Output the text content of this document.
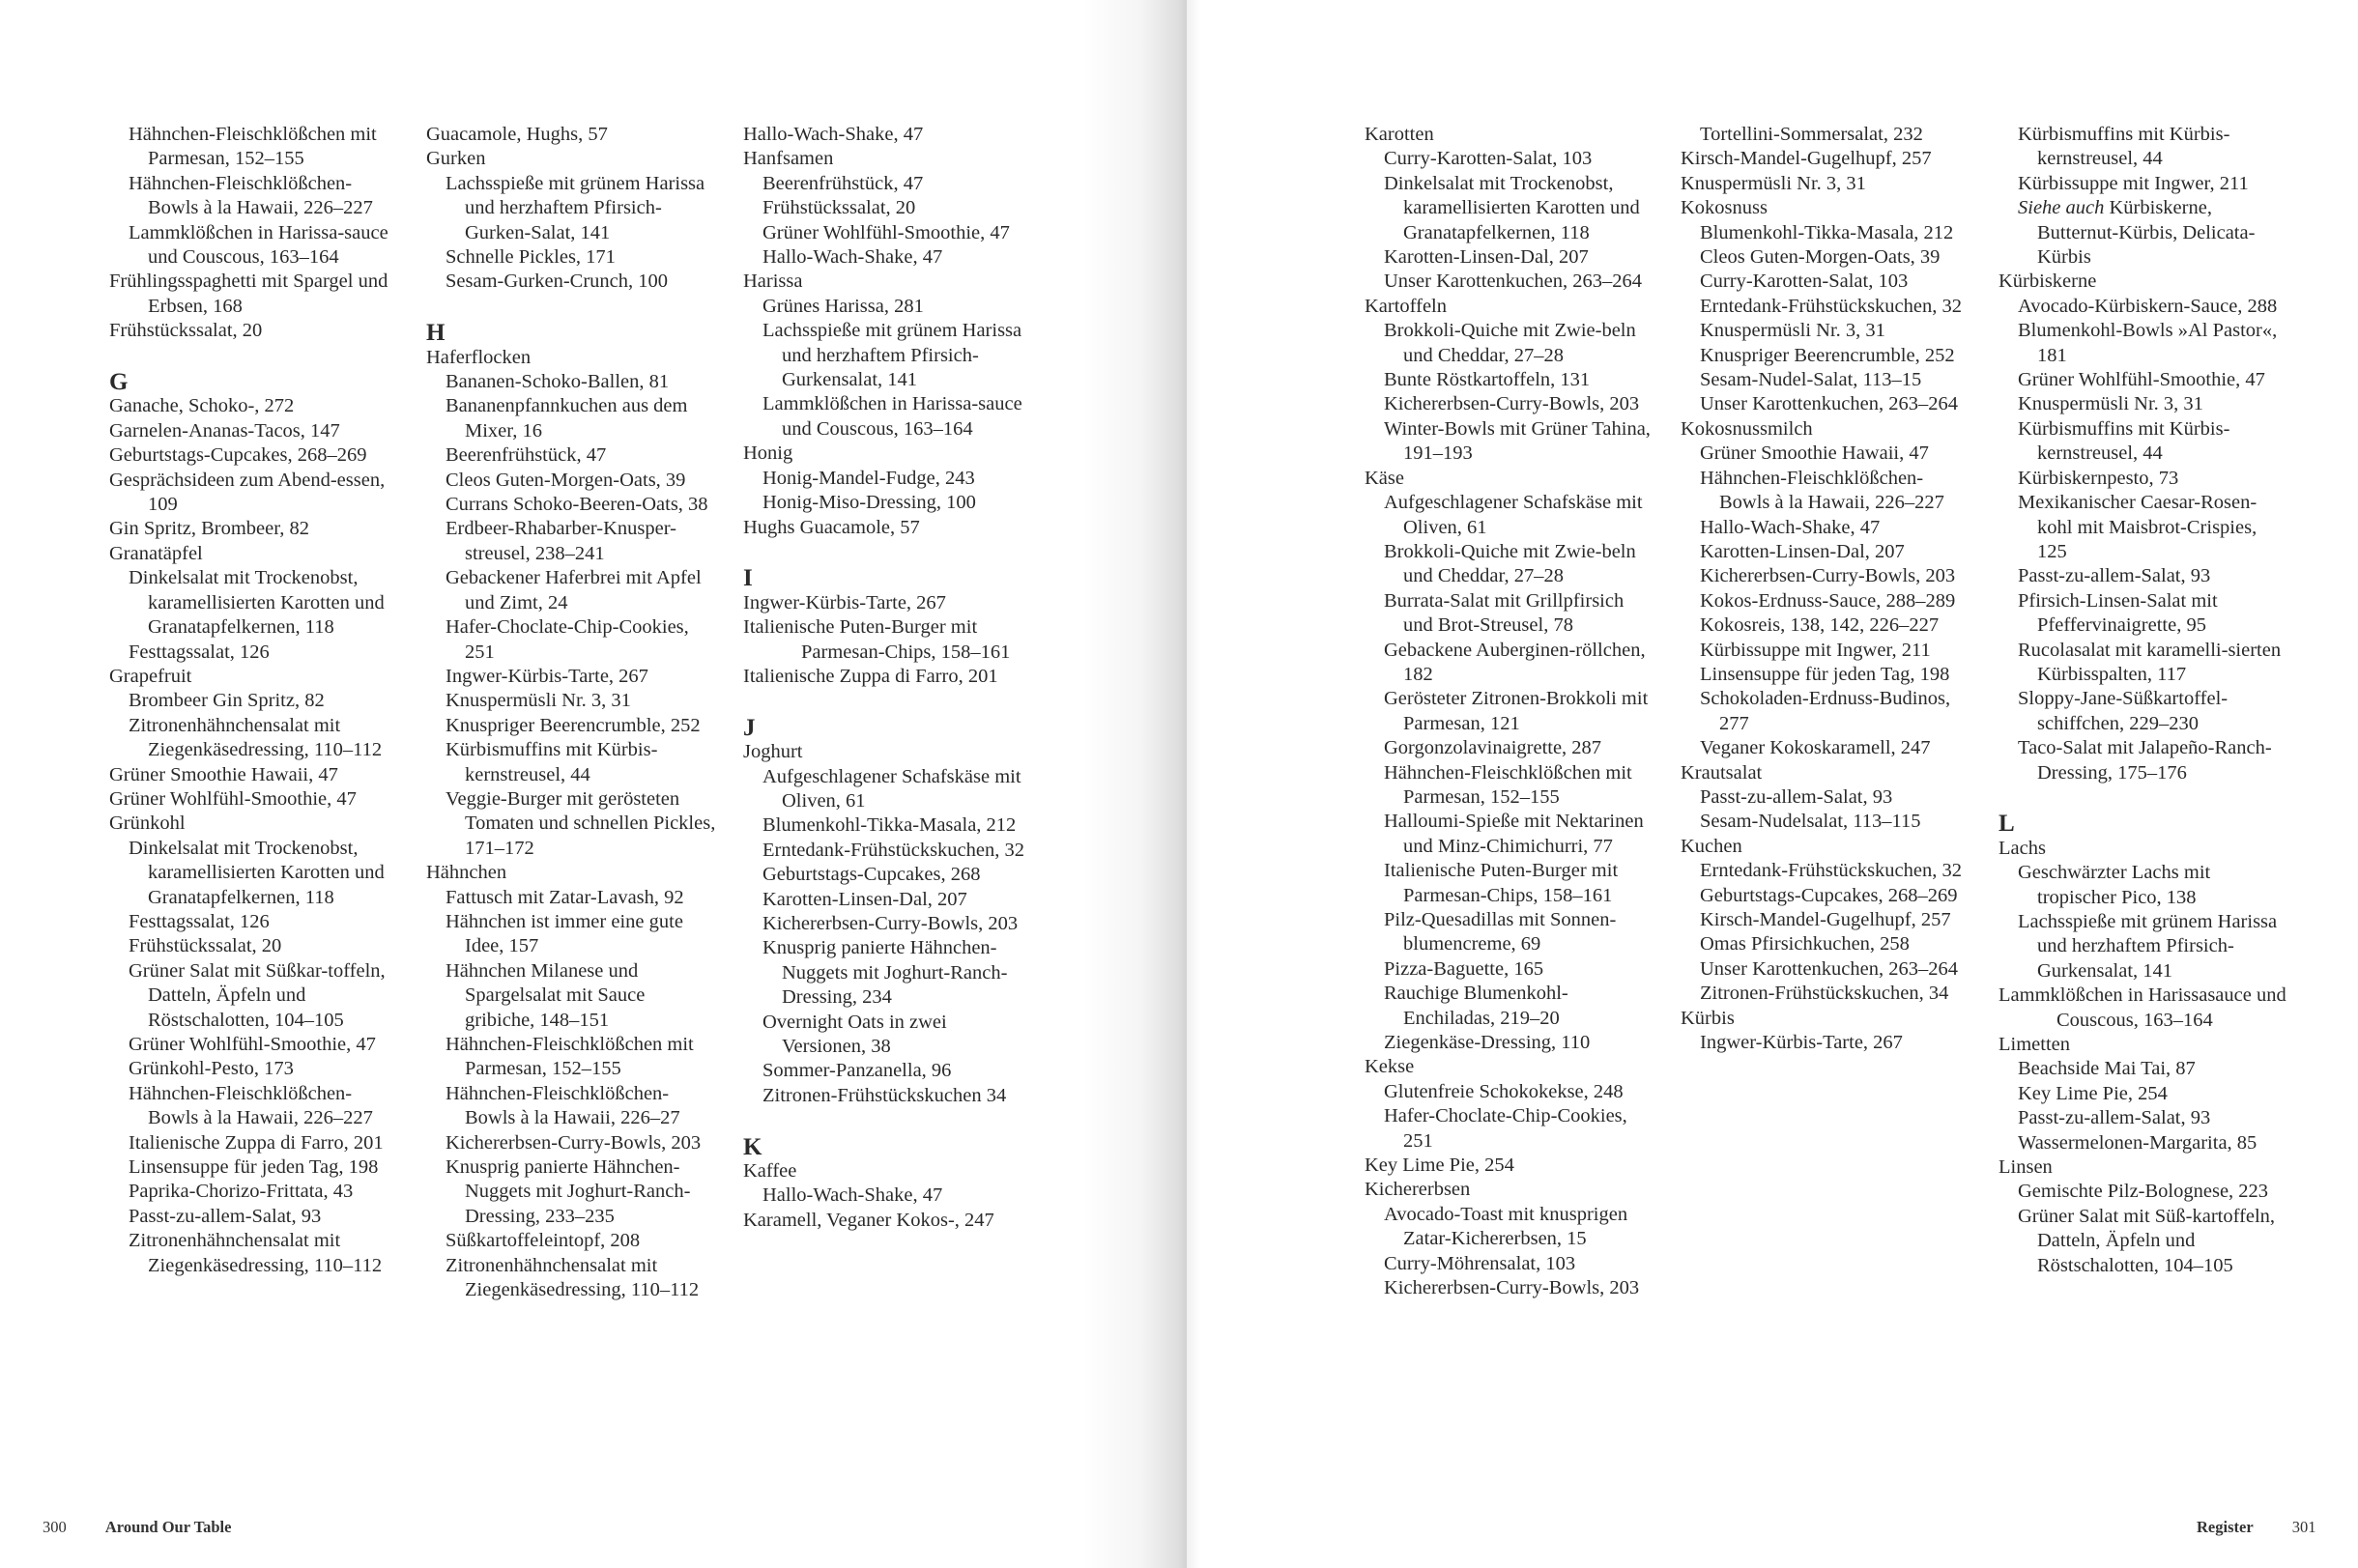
Hähnchen-Fleischklößchen mit Parmesan, 152–155
Hähnchen-Fleischklößchen-Bowls à la Hawaii, 226–227
Lammklößchen in Harissa-sauce und Couscous, 163–164
Frühlingsspaghetti mit Spargel und Erbsen, 168
Frühstückssalat, 20
G
Ganache, Schoko-, 272
Garnelen-Ananas-Tacos, 147
Geburtstags-Cupcakes, 268–269
Gesprächsideen zum Abend-essen, 109
Gin Spritz, Brombeer, 82
Granatäpfel
Dinkelsalat mit Trockenobst, karamellisierten Karotten und Granatapfelkernen, 118
Festtagssalat, 126
Grapefruit
Brombeer Gin Spritz, 82
Zitronenhähnchensalat mit Ziegenkäsedressing, 110–112
Grüner Smoothie Hawaii, 47
Grüner Wohlfühl-Smoothie, 47
Grünkohl
Dinkelsalat mit Trockenobst, karamellisierten Karotten und Granatapfelkernen, 118
Festtagssalat, 126
Frühstückssalat, 20
Grüner Salat mit Süßkar-toffeln, Datteln, Äpfeln und Röstschalotten, 104–105
Grüner Wohlfühl-Smoothie, 47
Grünkohl-Pesto, 173
Hähnchen-Fleischklößchen-Bowls à la Hawaii, 226–227
Italienische Zuppa di Farro, 201
Linsensuppe für jeden Tag, 198
Paprika-Chorizo-Frittata, 43
Passt-zu-allem-Salat, 93
Zitronenhähnchensalat mit Ziegenkäsedressing, 110–112
Guacamole, Hughs, 57
Gurken
Lachsspieße mit grünem Harissa und herzhaftem Pfirsich-Gurken-Salat, 141
Schnelle Pickles, 171
Sesam-Gurken-Crunch, 100
H
Haferflocken
Bananen-Schoko-Ballen, 81
Bananenpfannkuchen aus dem Mixer, 16
Beerenfrühstück, 47
Cleos Guten-Morgen-Oats, 39
Currans Schoko-Beeren-Oats, 38
Erdbeer-Rhabarber-Knusper-streusel, 238–241
Gebackener Haferbrei mit Apfel und Zimt, 24
Hafer-Choclate-Chip-Cookies, 251
Ingwer-Kürbis-Tarte, 267
Knuspermüsli Nr. 3, 31
Knuspriger Beerencrumble, 252
Kürbismuffins mit Kürbis-kernstreusel, 44
Veggie-Burger mit gerösteten Tomaten und schnellen Pickles, 171–172
Hähnchen
Fattusch mit Zatar-Lavash, 92
Hähnchen ist immer eine gute Idee, 157
Hähnchen Milanese und Spargelsalat mit Sauce gribiche, 148–151
Hähnchen-Fleischklößchen mit Parmesan, 152–155
Hähnchen-Fleischklößchen-Bowls à la Hawaii, 226–27
Kichererbsen-Curry-Bowls, 203
Knusprig panierte Hähnchen-Nuggets mit Joghurt-Ranch-Dressing, 233–235
Süßkartoffeleintopf, 208
Zitronenhähnchensalat mit Ziegenkäsedressing, 110–112
Hallo-Wach-Shake, 47
Hanfsamen
Beerenfrühstück, 47
Frühstückssalat, 20
Grüner Wohlfühl-Smoothie, 47
Hallo-Wach-Shake, 47
Harissa
Grünes Harissa, 281
Lachsspieße mit grünem Harissa und herzhaftem Pfirsich-Gurkensalat, 141
Lammklößchen in Harissa-sauce und Couscous, 163–164
Honig
Honig-Mandel-Fudge, 243
Honig-Miso-Dressing, 100
Hughs Guacamole, 57
I
Ingwer-Kürbis-Tarte, 267
Italienische Puten-Burger mit Parmesan-Chips, 158–161
Italienische Zuppa di Farro, 201
J
Joghurt
Aufgeschlagener Schafskäse mit Oliven, 61
Blumenkohl-Tikka-Masala, 212
Erntedank-Frühstückskuchen, 32
Geburtstags-Cupcakes, 268
Karotten-Linsen-Dal, 207
Kichererbsen-Curry-Bowls, 203
Knusprig panierte Hähnchen-Nuggets mit Joghurt-Ranch-Dressing, 234
Overnight Oats in zwei Versionen, 38
Sommer-Panzanella, 96
Zitronen-Frühstückskuchen 34
K
Kaffee
Hallo-Wach-Shake, 47
Karamell, Veganer Kokos-, 247
300 Around Our Table
Karotten
Curry-Karotten-Salat, 103
Dinkelsalat mit Trockenobst, karamellisierten Karotten und Granatapfelkernen, 118
Karotten-Linsen-Dal, 207
Unser Karottenkuchen, 263–264
Kartoffeln
Brokkoli-Quiche mit Zwie-beln und Cheddar, 27–28
Bunte Röstkartoffeln, 131
Kichererbsen-Curry-Bowls, 203
Winter-Bowls mit Grüner Tahina, 191–193
Käse
Aufgeschlagener Schafskäse mit Oliven, 61
Brokkoli-Quiche mit Zwie-beln und Cheddar, 27–28
Burrata-Salat mit Grillpfirsich und Brot-Streusel, 78
Gebackene Auberginen-röllchen, 182
Gerösteter Zitronen-Brokkoli mit Parmesan, 121
Gorgonzolavinaigrette, 287
Hähnchen-Fleischklößchen mit Parmesan, 152–155
Halloumi-Spieße mit Nektarinen und Minz-Chimichurri, 77
Italienische Puten-Burger mit Parmesan-Chips, 158–161
Pilz-Quesadillas mit Sonnen-blumencreme, 69
Pizza-Baguette, 165
Rauchige Blumenkohl-Enchiladas, 219–20
Ziegenkäse-Dressing, 110
Kekse
Glutenfreie Schokokekse, 248
Hafer-Choclate-Chip-Cookies, 251
Key Lime Pie, 254
Kichererbsen
Avocado-Toast mit knusprigen Zatar-Kichererbsen, 15
Curry-Möhrensalat, 103
Kichererbsen-Curry-Bowls, 203
Tortellini-Sommersalat, 232
Kirsch-Mandel-Gugelhupf, 257
Knuspermüsli Nr. 3, 31
Kokosnuss
Blumenkohl-Tikka-Masala, 212
Cleos Guten-Morgen-Oats, 39
Curry-Karotten-Salat, 103
Erntedank-Frühstückskuchen, 32
Knuspermüsli Nr. 3, 31
Knuspriger Beerencrumble, 252
Sesam-Nudel-Salat, 113–15
Unser Karottenkuchen, 263–264
Kokosnussmilch
Grüner Smoothie Hawaii, 47
Hähnchen-Fleischklößchen-Bowls à la Hawaii, 226–227
Hallo-Wach-Shake, 47
Karotten-Linsen-Dal, 207
Kichererbsen-Curry-Bowls, 203
Kokos-Erdnuss-Sauce, 288–289
Kokosreis, 138, 142, 226–227
Kürbissuppe mit Ingwer, 211
Linsensuppe für jeden Tag, 198
Schokoladen-Erdnuss-Budinos, 277
Veganer Kokoskaramell, 247
Krautsalat
Passt-zu-allem-Salat, 93
Sesam-Nudelsalat, 113–115
Kuchen
Erntedank-Frühstückskuchen, 32
Geburtstags-Cupcakes, 268–269
Kirsch-Mandel-Gugelhupf, 257
Omas Pfirsichkuchen, 258
Unser Karottenkuchen, 263–264
Zitronen-Frühstückskuchen, 34
Kürbis
Ingwer-Kürbis-Tarte, 267
Kürbismuffins mit Kürbis-kernstreusel, 44
Kürbissuppe mit Ingwer, 211
Siehe auch Kürbiskerne, Butternut-Kürbis, Delicata-Kürbis
Kürbiskerne
Avocado-Kürbiskern-Sauce, 288
Blumenkohl-Bowls »Al Pastor«, 181
Grüner Wohlfühl-Smoothie, 47
Knuspermüsli Nr. 3, 31
Kürbismuffins mit Kürbis-kernstreusel, 44
Kürbiskernpesto, 73
Mexikanischer Caesar-Rosen-kohl mit Maisbrot-Crispies, 125
Passt-zu-allem-Salat, 93
Pfirsich-Linsen-Salat mit Pfeffervinaigrette, 95
Rucolasalat mit karamelli-sierten Kürbisspalten, 117
Sloppy-Jane-Süßkartoffel-schiffchen, 229–230
Taco-Salat mit Jalapeño-Ranch-Dressing, 175–176
L
Lachs
Geschwärzter Lachs mit tropischer Pico, 138
Lachsspieße mit grünem Harissa und herzhaftem Pfirsich-Gurkensalat, 141
Lammklößchen in Harissasauce und Couscous, 163–164
Limetten
Beachside Mai Tai, 87
Key Lime Pie, 254
Passt-zu-allem-Salat, 93
Wassermelonen-Margarita, 85
Linsen
Gemischte Pilz-Bolognese, 223
Grüner Salat mit Süß-kartoffeln, Datteln, Äpfeln und Röstschalotten, 104–105
Register 301
